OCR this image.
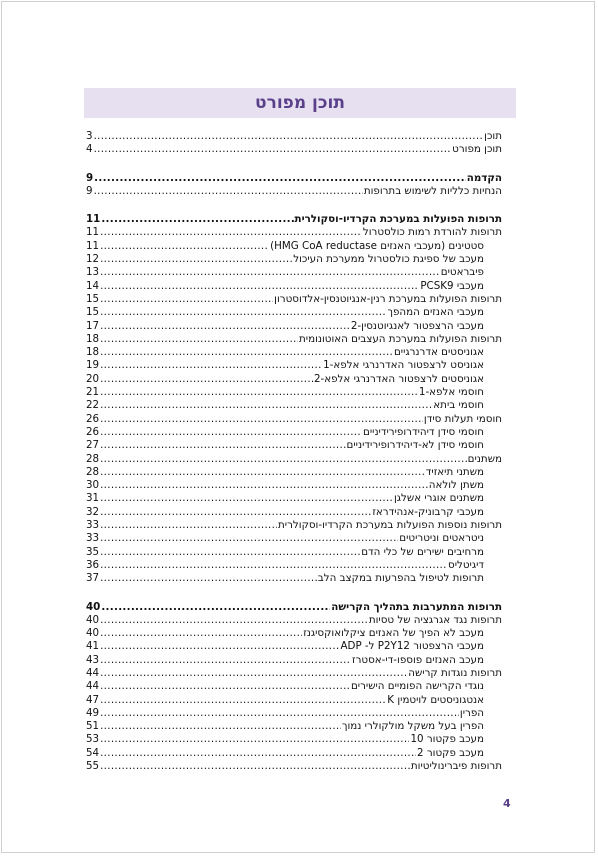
תוכן מפורט
תוכן
.....
3
תוכן מפורט
.....
4
הקדמה
.....
9
הנחיות כלליות לשימוש בתרופות
.....
9
תרופות הפועלות במערכת הקרדיו-וסקולרית
.....
11
תרופות להורדת רמות כולסטרול
.....
11
סטטינים (מעכבי האנזים HMG CoA reductase)
.....
11
מעכב של ספיגת כולסטרול ממערכת העיכול
.....
12
פיבראטים
.....
13
מעכבי PCSK9
.....
14
תרופות הפועלות במערכת רנין-אנגיוטנסין-אלדוסטרון
.....
15
מעכבי האנזים המהפך
.....
15
מעכבי הרצפטור לאנגיוטנסין-2
.....
17
תרופות הפועלות במערכת העצבים האוטונומית
.....
18
אגוניסטים אדרנרגיים
.....
18
אגוניסט לרצפטור האדרנרגי אלפא-1
.....
19
אגוניסטים לרצפטור האדרנרגי אלפא-2
.....
20
חוסמי אלפא-1
.....
21
חוסמי ביתא
.....
22
חוסמי תעלות סידן
.....
26
חוסמי סידן דיהידרופירידיניים
.....
26
חוסמי סידן לא-דיהידרופירידיניים
.....
27
משתנים
.....
28
משתני תיאזיד
.....
28
משתן לולאה
.....
30
משתנים אוגרי אשלגן
.....
31
מעכבי קרבוניק-אנהידראז
.....
32
תרופות נוספות הפועלות במערכת הקרדיו-וסקולרית
.....
33
ניטראטים וניטריטים
.....
33
מרחיבים ישירים של כלי הדם
.....
35
דיגיטליס
.....
36
תרופות לטיפול בהפרעות במקצב הלב
.....
37
תרופות המתערבות בתהליך הקרישה
.....
40
תרופות נגד אגרגציה של טסיות
.....
40
מעכב לא הפיך של האנזים ציקלואוקסיגנז
.....
40
מעכבי הרצפטור P2Y12 ל- ADP
.....
41
מעכב האנזים פוספו-די-אסטרז
.....
43
תרופות נוגדות קרישה
.....
44
נוגדי הקרישה הפומיים הישירים
.....
44
אנטגוניסטים לויטמין K
.....
47
הפרין
.....
49
הפרין בעל משקל מולקולרי נמוך
.....
51
מעכב פקטור 10
.....
53
מעכב פקטור 2
.....
54
תרופות פיברינוליטיות
.....
55
4
